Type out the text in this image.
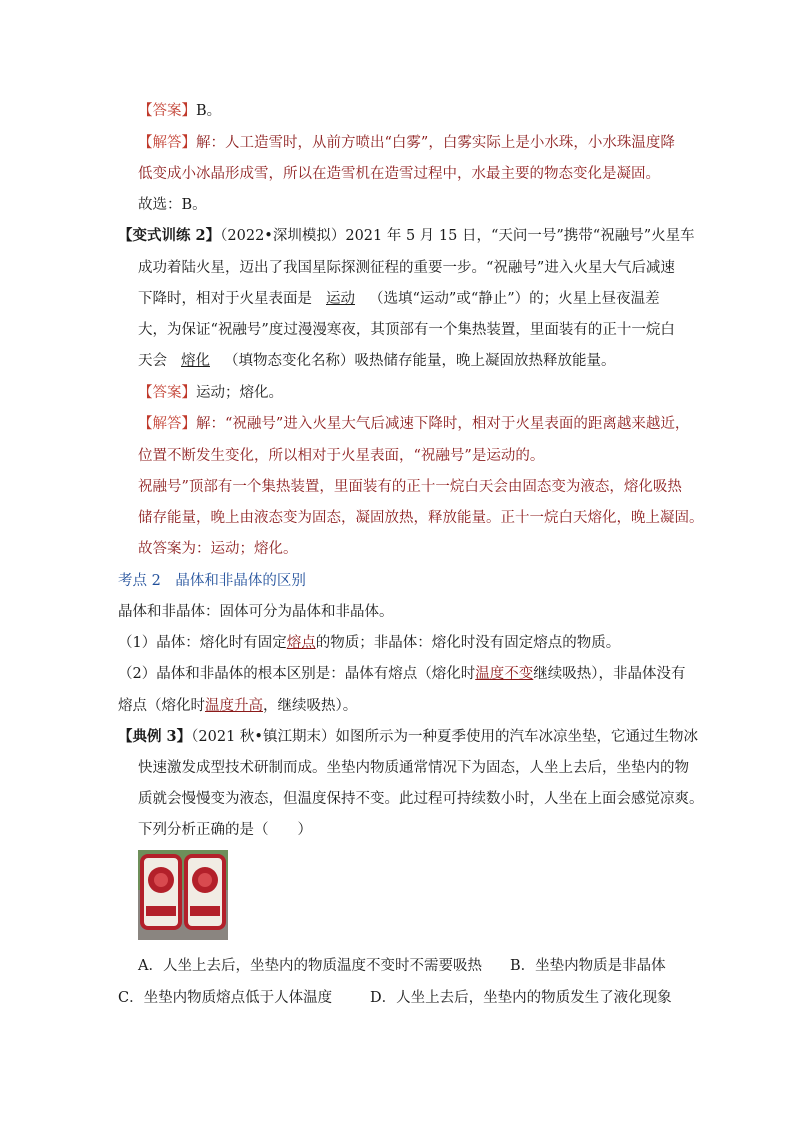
【答案】B。
【解答】解：人工造雪时，从前方喷出“白雾”，白雾实际上是小水珠，小水珠温度降
低变成小冰晶形成雪，所以在造雪机在造雪过程中，水最主要的物态变化是凝固。
故选：B。
【变式训练 2】（2022•深圳模拟）2021 年 5 月 15 日，“天问一号”携带“祝融号”火星车
成功着陆火星，迈出了我国星际探测征程的重要一步。“祝融号”进入火星大气后减速
下降时，相对于火星表面是 运动 （选填“运动”或“静止”）的；火星上昼夜温差
大，为保证“祝融号”度过漫漫寒夜，其顶部有一个集热装置，里面装有的正十一烷白
天会 熔化 （填物态变化名称）吸热储存能量，晚上凝固放热释放能量。
【答案】运动；熔化。
【解答】解：“祝融号”进入火星大气后减速下降时，相对于火星表面的距离越来越近，
位置不断发生变化，所以相对于火星表面，“祝融号”是运动的。
祝融号”顶部有一个集热装置，里面装有的正十一烷白天会由固态变为液态，熔化吸热
储存能量，晚上由液态变为固态，凝固放热，释放能量。正十一烷白天熔化，晚上凝固。
故答案为：运动；熔化。
考点 2　晶体和非晶体的区别
晶体和非晶体：固体可分为晶体和非晶体。
（1）晶体：熔化时有固定熔点的物质；非晶体：熔化时没有固定熔点的物质。
（2）晶体和非晶体的根本区别是：晶体有熔点（熔化时温度不变继续吸热），非晶体没有
熔点（熔化时温度升高，继续吸热）。
【典例 3】（2021 秋•镇江期末）如图所示为一种夏季使用的汽车冰凉坐垫，它通过生物冰
快速激发成型技术研制而成。坐垫内物质通常情况下为固态，人坐上去后，坐垫内的物
质就会慢慢变为液态，但温度保持不变。此过程可持续数小时，人坐在上面会感觉凉爽。
下列分析正确的是（　　）
A．人坐上去后，坐垫内的物质温度不变时不需要吸热 B．坐垫内物质是非晶体
C．坐垫内物质熔点低于人体温度	D．人坐上去后，坐垫内的物质发生了液化现象
